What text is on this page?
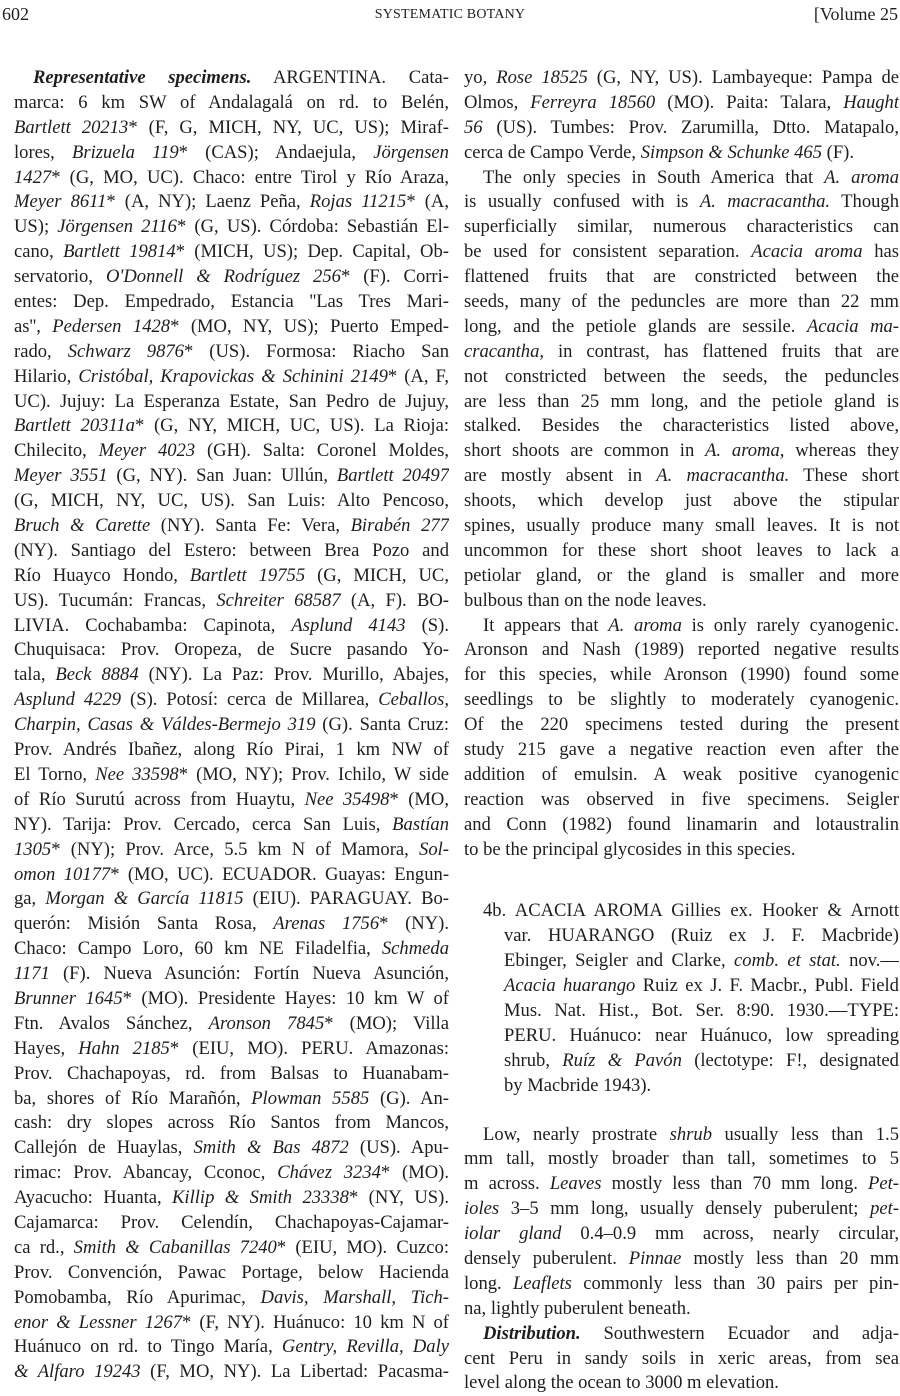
602	SYSTEMATIC BOTANY	[Volume 25
Representative specimens. ARGENTINA. Cata-
marca: 6 km SW of Andalagalá on rd. to Belén,
Bartlett 20213* (F, G, MICH, NY, UC, US); Miraf-
lores, Brizuela 119* (CAS); Andaejula, Jörgensen
1427* (G, MO, UC). Chaco: entre Tirol y Río Araza,
Meyer 8611* (A, NY); Laenz Peña, Rojas 11215* (A,
US); Jörgensen 2116* (G, US). Córdoba: Sebastián El-
cano, Bartlett 19814* (MICH, US); Dep. Capital, Ob-
servatorio, O'Donnell & Rodríguez 256* (F). Corri-
entes: Dep. Empedrado, Estancia ''Las Tres Mari-
as'', Pedersen 1428* (MO, NY, US); Puerto Emped-
rado, Schwarz 9876* (US). Formosa: Riacho San
Hilario, Cristóbal, Krapovickas & Schinini 2149* (A, F,
UC). Jujuy: La Esperanza Estate, San Pedro de Jujuy,
Bartlett 20311a* (G, NY, MICH, UC, US). La Rioja:
Chilecito, Meyer 4023 (GH). Salta: Coronel Moldes,
Meyer 3551 (G, NY). San Juan: Ullún, Bartlett 20497
(G, MICH, NY, UC, US). San Luis: Alto Pencoso,
Bruch & Carette (NY). Santa Fe: Vera, Birabén 277
(NY). Santiago del Estero: between Brea Pozo and
Río Huayco Hondo, Bartlett 19755 (G, MICH, UC,
US). Tucumán: Francas, Schreiter 68587 (A, F). BO-
LIVIA. Cochabamba: Capinota, Asplund 4143 (S).
Chuquisaca: Prov. Oropeza, de Sucre pasando Yo-
tala, Beck 8884 (NY). La Paz: Prov. Murillo, Abajes,
Asplund 4229 (S). Potosí: cerca de Millarea, Ceballos,
Charpin, Casas & Váldes-Bermejo 319 (G). Santa Cruz:
Prov. Andrés Ibañez, along Río Pirai, 1 km NW of
El Torno, Nee 33598* (MO, NY); Prov. Ichilo, W side
of Río Surutú across from Huaytu, Nee 35498* (MO,
NY). Tarija: Prov. Cercado, cerca San Luis, Bastían
1305* (NY); Prov. Arce, 5.5 km N of Mamora, Sol-
omon 10177* (MO, UC). ECUADOR. Guayas: Engun-
ga, Morgan & García 11815 (EIU). PARAGUAY. Bo-
querón: Misión Santa Rosa, Arenas 1756* (NY).
Chaco: Campo Loro, 60 km NE Filadelfia, Schmeda
1171 (F). Nueva Asunción: Fortín Nueva Asunción,
Brunner 1645* (MO). Presidente Hayes: 10 km W of
Ftn. Avalos Sánchez, Aronson 7845* (MO); Villa
Hayes, Hahn 2185* (EIU, MO). PERU. Amazonas:
Prov. Chachapoyas, rd. from Balsas to Huanabam-
ba, shores of Río Marañón, Plowman 5585 (G). An-
cash: dry slopes across Río Santos from Mancos,
Callejón de Huaylas, Smith & Bas 4872 (US). Apu-
rimac: Prov. Abancay, Cconoc, Chávez 3234* (MO).
Ayacucho: Huanta, Killip & Smith 23338* (NY, US).
Cajamarca: Prov. Celendín, Chachapoyas-Cajamar-
ca rd., Smith & Cabanillas 7240* (EIU, MO). Cuzco:
Prov. Convención, Pawac Portage, below Hacienda
Pomobamba, Río Apurimac, Davis, Marshall, Tich-
enor & Lessner 1267* (F, NY). Huánuco: 10 km N of
Huánuco on rd. to Tingo María, Gentry, Revilla, Daly
& Alfaro 19243 (F, MO, NY). La Libertad: Pacasma-
yo, Rose 18525 (G, NY, US). Lambayeque: Pampa de
Olmos, Ferreyra 18560 (MO). Paita: Talara, Haught
56 (US). Tumbes: Prov. Zarumilla, Dtto. Matapalo,
cerca de Campo Verde, Simpson & Schunke 465 (F).
The only species in South America that A. aroma
is usually confused with is A. macracantha. Though
superficially similar, numerous characteristics can
be used for consistent separation. Acacia aroma has
flattened fruits that are constricted between the
seeds, many of the peduncles are more than 22 mm
long, and the petiole glands are sessile. Acacia ma-
cracantha, in contrast, has flattened fruits that are
not constricted between the seeds, the peduncles
are less than 25 mm long, and the petiole gland is
stalked. Besides the characteristics listed above,
short shoots are common in A. aroma, whereas they
are mostly absent in A. macracantha. These short
shoots, which develop just above the stipular
spines, usually produce many small leaves. It is not
uncommon for these short shoot leaves to lack a
petiolar gland, or the gland is smaller and more
bulbous than on the node leaves.
It appears that A. aroma is only rarely cyanogenic.
Aronson and Nash (1989) reported negative results
for this species, while Aronson (1990) found some
seedlings to be slightly to moderately cyanogenic.
Of the 220 specimens tested during the present
study 215 gave a negative reaction even after the
addition of emulsin. A weak positive cyanogenic
reaction was observed in five specimens. Seigler
and Conn (1982) found linamarin and lotaustralin
to be the principal glycosides in this species.
4b. ACACIA AROMA Gillies ex. Hooker & Arnott
var. HUARANGO (Ruiz ex J. F. Macbride)
Ebinger, Seigler and Clarke, comb. et stat. nov.—
Acacia huarango Ruiz ex J. F. Macbr., Publ. Field
Mus. Nat. Hist., Bot. Ser. 8:90. 1930.—TYPE:
PERU. Huánuco: near Huánuco, low spreading
shrub, Ruíz & Pavón (lectotype: F!, designated
by Macbride 1943).
Low, nearly prostrate shrub usually less than 1.5
mm tall, mostly broader than tall, sometimes to 5
m across. Leaves mostly less than 70 mm long. Pet-
ioles 3–5 mm long, usually densely puberulent; pet-
iolar gland 0.4–0.9 mm across, nearly circular,
densely puberulent. Pinnae mostly less than 20 mm
long. Leaflets commonly less than 30 pairs per pin-
na, lightly puberulent beneath.
Distribution. Southwestern Ecuador and adja-
cent Peru in sandy soils in xeric areas, from sea
level along the ocean to 3000 m elevation.
